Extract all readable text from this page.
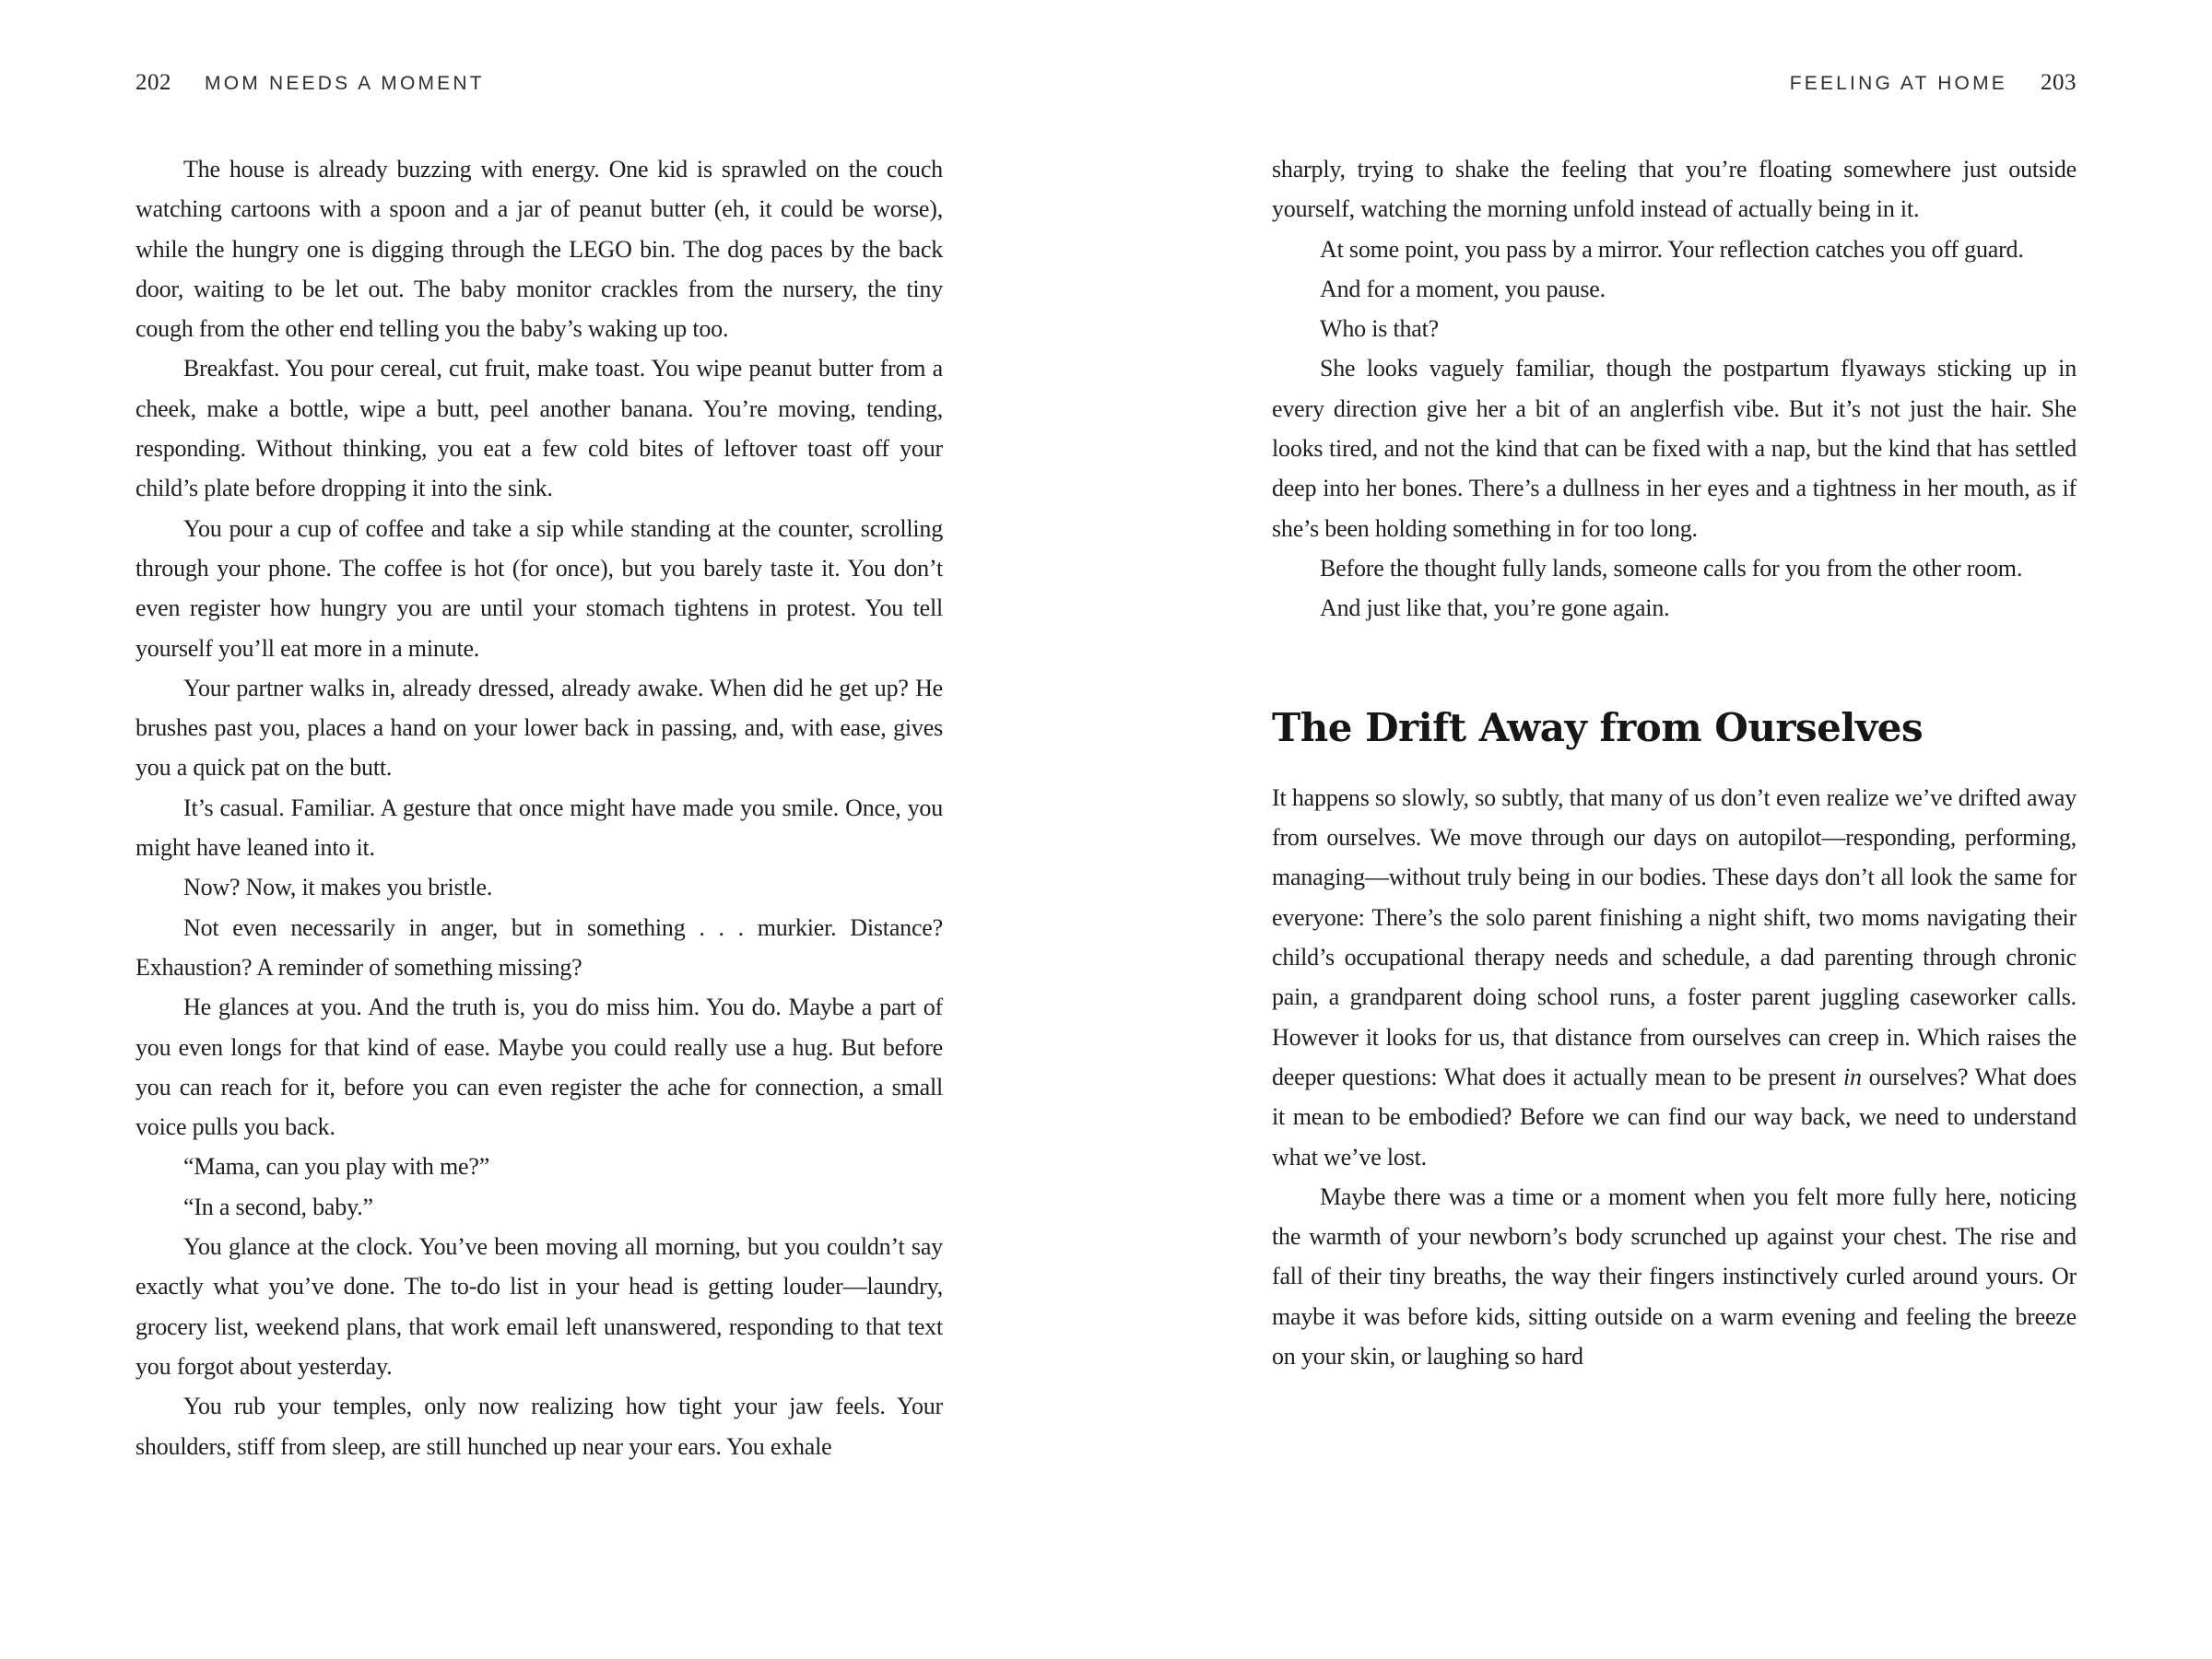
202 MOM NEEDS A MOMENT

The house is already buzzing with energy. One kid is sprawled on the couch watching cartoons with a spoon and a jar of peanut butter (eh, it could be worse), while the hungry one is digging through the LEGO bin. The dog paces by the back door, waiting to be let out. The baby monitor crackles from the nursery, the tiny cough from the other end telling you the baby’s waking up too.

Breakfast. You pour cereal, cut fruit, make toast. You wipe peanut butter from a cheek, make a bottle, wipe a butt, peel another banana. You’re moving, tending, responding. Without thinking, you eat a few cold bites of leftover toast off your child’s plate before dropping it into the sink.

You pour a cup of coffee and take a sip while standing at the counter, scrolling through your phone. The coffee is hot (for once), but you barely taste it. You don’t even register how hungry you are until your stomach tightens in protest. You tell yourself you’ll eat more in a minute.

Your partner walks in, already dressed, already awake. When did he get up? He brushes past you, places a hand on your lower back in passing, and, with ease, gives you a quick pat on the butt.

It’s casual. Familiar. A gesture that once might have made you smile. Once, you might have leaned into it.

Now? Now, it makes you bristle.

Not even necessarily in anger, but in something . . . murkier. Distance? Exhaustion? A reminder of something missing?

He glances at you. And the truth is, you do miss him. You do. Maybe a part of you even longs for that kind of ease. Maybe you could really use a hug. But before you can reach for it, before you can even register the ache for connection, a small voice pulls you back.

“Mama, can you play with me?”

“In a second, baby.”

You glance at the clock. You’ve been moving all morning, but you couldn’t say exactly what you’ve done. The to-do list in your head is getting louder—laundry, grocery list, weekend plans, that work email left unanswered, responding to that text you forgot about yesterday.

You rub your temples, only now realizing how tight your jaw feels. Your shoulders, stiff from sleep, are still hunched up near your ears. You exhale

FEELING AT HOME 203

sharply, trying to shake the feeling that you’re floating somewhere just outside yourself, watching the morning unfold instead of actually being in it.

At some point, you pass by a mirror. Your reflection catches you off guard.

And for a moment, you pause.

Who is that?

She looks vaguely familiar, though the postpartum flyaways sticking up in every direction give her a bit of an anglerfish vibe. But it’s not just the hair. She looks tired, and not the kind that can be fixed with a nap, but the kind that has settled deep into her bones. There’s a dullness in her eyes and a tightness in her mouth, as if she’s been holding something in for too long.

Before the thought fully lands, someone calls for you from the other room.

And just like that, you’re gone again.

The Drift Away from Ourselves

It happens so slowly, so subtly, that many of us don’t even realize we’ve drifted away from ourselves. We move through our days on autopilot—responding, performing, managing—without truly being in our bodies. These days don’t all look the same for everyone: There’s the solo parent finishing a night shift, two moms navigating their child’s occupational therapy needs and schedule, a dad parenting through chronic pain, a grandparent doing school runs, a foster parent juggling caseworker calls. However it looks for us, that distance from ourselves can creep in. Which raises the deeper questions: What does it actually mean to be present in ourselves? What does it mean to be embodied? Before we can find our way back, we need to understand what we’ve lost.

Maybe there was a time or a moment when you felt more fully here, noticing the warmth of your newborn’s body scrunched up against your chest. The rise and fall of their tiny breaths, the way their fingers instinctively curled around yours. Or maybe it was before kids, sitting outside on a warm evening and feeling the breeze on your skin, or laughing so hard
